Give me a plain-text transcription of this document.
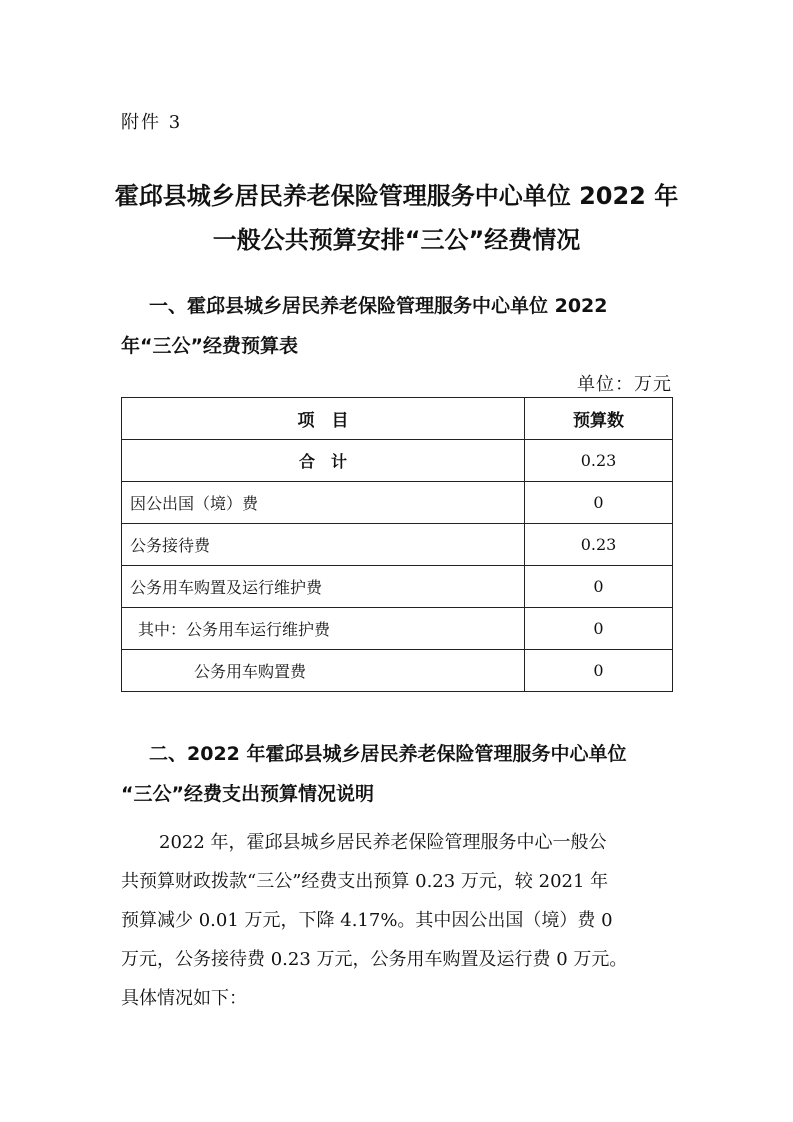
附件 3
霍邱县城乡居民养老保险管理服务中心单位 2022 年
一般公共预算安排“三公”经费情况
一、霍邱县城乡居民养老保险管理服务中心单位 2022
年“三公”经费预算表
单位：万元
项　目	预算数
合　计	0.23
因公出国（境）费	0
公务接待费	0.23
公务用车购置及运行维护费	0
其中：公务用车运行维护费	0
公务用车购置费	0
二、2022 年霍邱县城乡居民养老保险管理服务中心单位
“三公”经费支出预算情况说明
2022 年，霍邱县城乡居民养老保险管理服务中心一般公
共预算财政拨款“三公”经费支出预算 0.23 万元，较 2021 年
预算减少 0.01 万元，下降 4.17%。其中因公出国（境）费 0
万元，公务接待费 0.23 万元，公务用车购置及运行费 0 万元。
具体情况如下：
